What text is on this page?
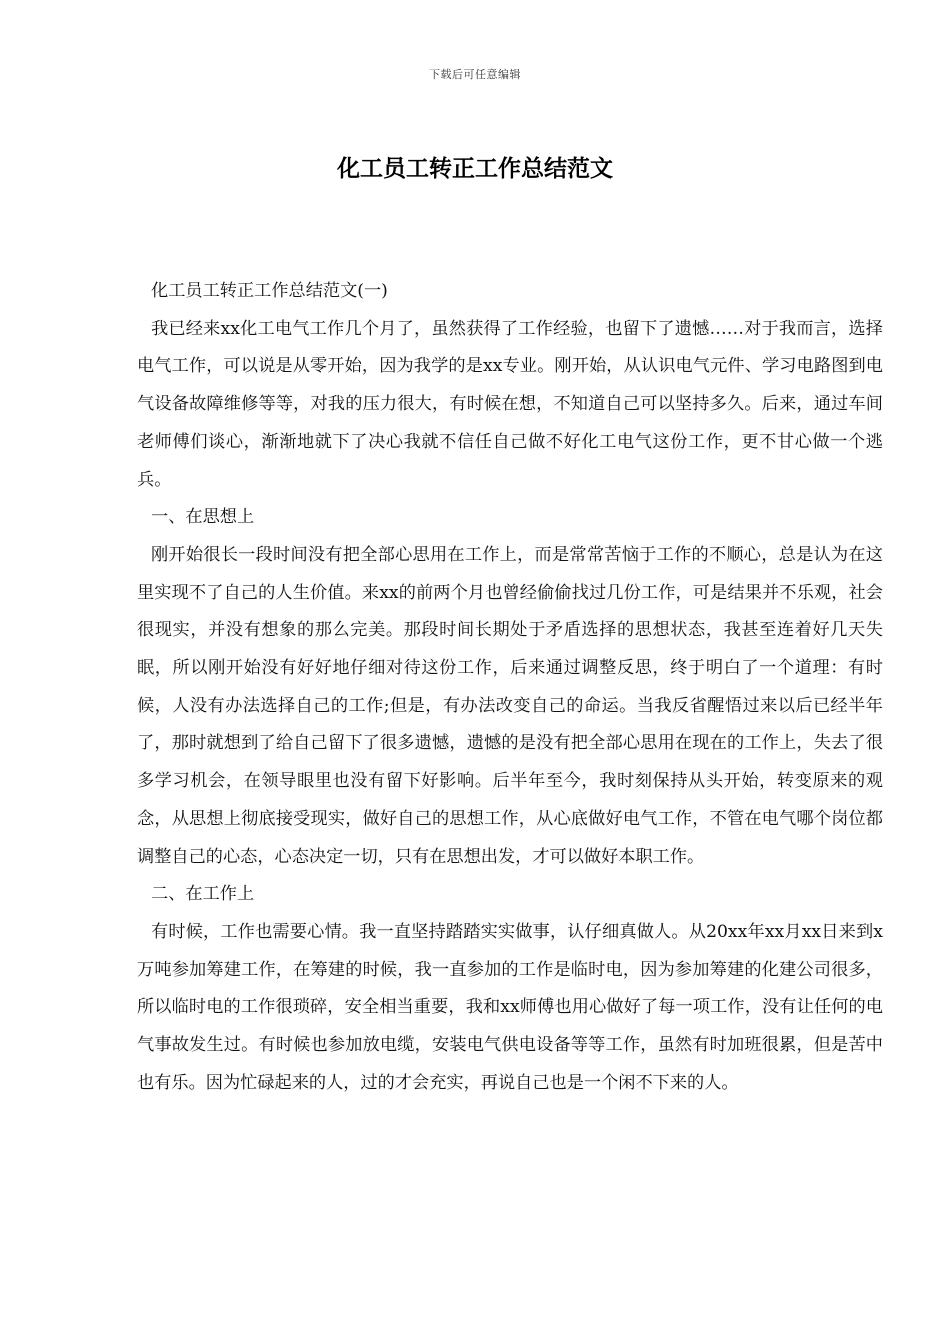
下载后可任意编辑
化工员工转正工作总结范文

化工员工转正工作总结范文(一)

我已经来xx化工电气工作几个月了，虽然获得了工作经验，也留下了遗憾……对于我而言，选择电气工作，可以说是从零开始，因为我学的是xx专业。刚开始，从认识电气元件、学习电路图到电气设备故障维修等等，对我的压力很大，有时候在想，不知道自己可以坚持多久。后来，通过车间老师傅们谈心，渐渐地就下了决心我就不信任自己做不好化工电气这份工作，更不甘心做一个逃兵。

一、在思想上

刚开始很长一段时间没有把全部心思用在工作上，而是常常苦恼于工作的不顺心，总是认为在这里实现不了自己的人生价值。来xx的前两个月也曾经偷偷找过几份工作，可是结果并不乐观，社会很现实，并没有想象的那么完美。那段时间长期处于矛盾选择的思想状态，我甚至连着好几天失眠，所以刚开始没有好好地仔细对待这份工作，后来通过调整反思，终于明白了一个道理：有时候，人没有办法选择自己的工作;但是，有办法改变自己的命运。当我反省醒悟过来以后已经半年了，那时就想到了给自己留下了很多遗憾，遗憾的是没有把全部心思用在现在的工作上，失去了很多学习机会，在领导眼里也没有留下好影响。后半年至今，我时刻保持从头开始，转变原来的观念，从思想上彻底接受现实，做好自己的思想工作，从心底做好电气工作，不管在电气哪个岗位都调整自己的心态，心态决定一切，只有在思想出发，才可以做好本职工作。

二、在工作上

有时候，工作也需要心情。我一直坚持踏踏实实做事，认仔细真做人。从20xx年xx月xx日来到x万吨参加筹建工作，在筹建的时候，我一直参加的工作是临时电，因为参加筹建的化建公司很多，所以临时电的工作很琐碎，安全相当重要，我和xx师傅也用心做好了每一项工作，没有让任何的电气事故发生过。有时候也参加放电缆，安装电气供电设备等等工作，虽然有时加班很累，但是苦中也有乐。因为忙碌起来的人，过的才会充实，再说自己也是一个闲不下来的人。
